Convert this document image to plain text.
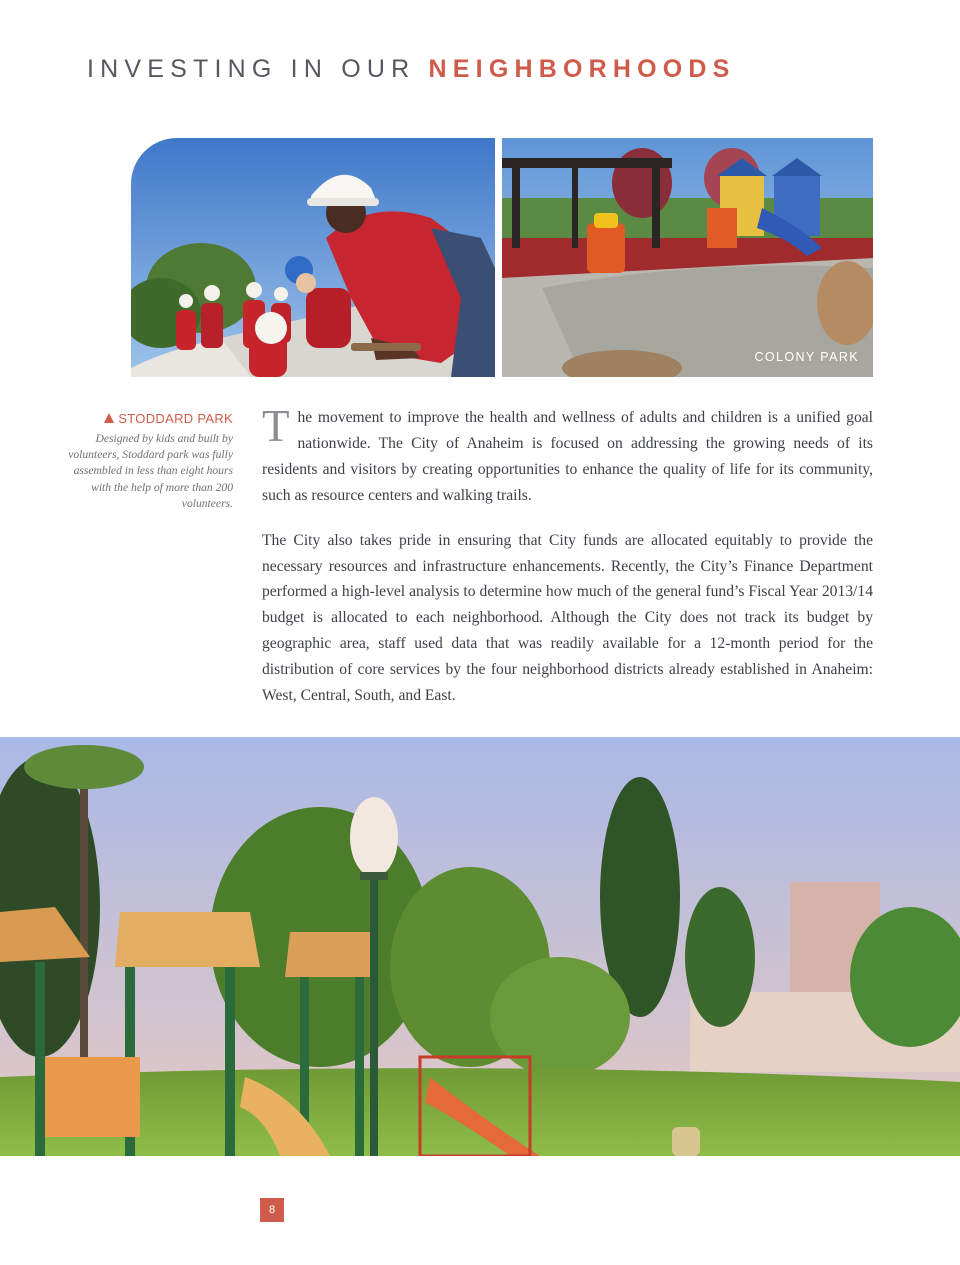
INVESTING IN OUR NEIGHBORHOODS
COLONY PARK
STODDARD PARK
Designed by kids and built by volunteers, Stoddard park was fully assembled in less than eight hours with the help of more than 200 volunteers.

The movement to improve the health and wellness of adults and children is a unified goal nationwide. The City of Anaheim is focused on addressing the growing needs of its residents and visitors by creating opportunities to enhance the quality of life for its community, such as resource centers and walking trails.

The City also takes pride in ensuring that City funds are allocated equitably to provide the necessary resources and infrastructure enhancements. Recently, the City’s Finance Department performed a high-level analysis to determine how much of the general fund’s Fiscal Year 2013/14 budget is allocated to each neighborhood. Although the City does not track its budget by geographic area, staff used data that was readily available for a 12-month period for the distribution of core services by the four neighborhood districts already established in Anaheim: West, Central, South, and East.

8
